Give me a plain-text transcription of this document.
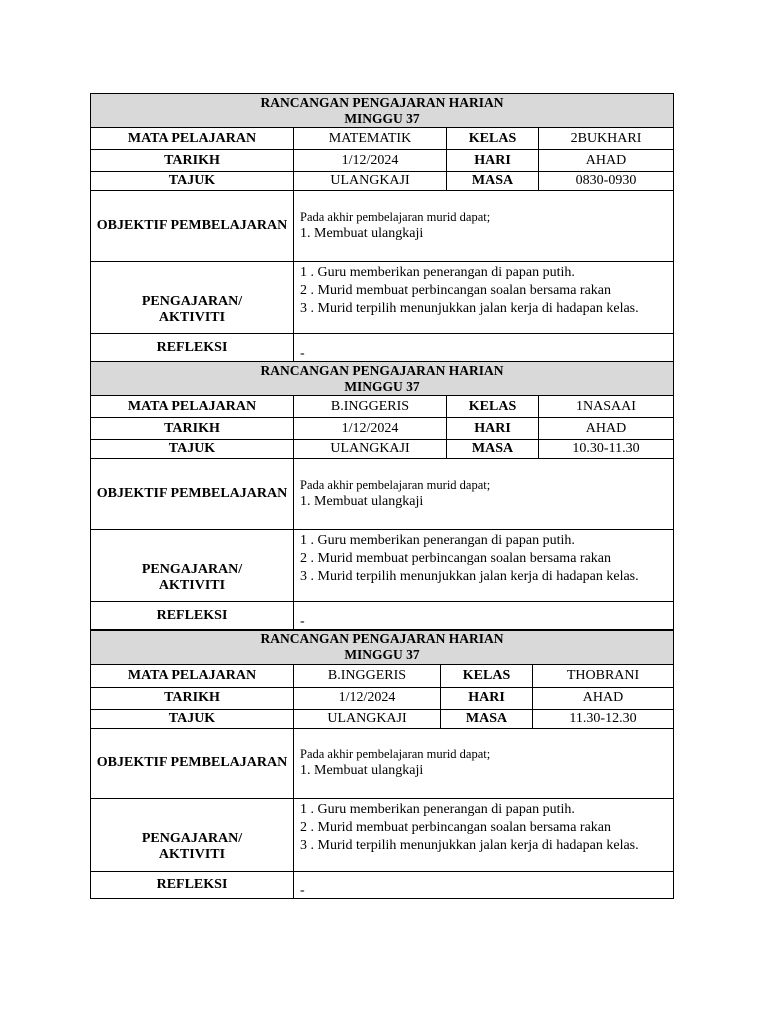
RANCANGAN PENGAJARAN HARIAN
MINGGU 37			

MATA PELAJARAN	MATEMATIK	KELAS	2BUKHARI
TARIKH	1/12/2024	HARI	AHAD
TAJUK	ULANGKAJI	MASA	0830-0930
OBJEKTIF PEMBELAJARAN	Pada akhir pembelajaran murid dapat;
1. Membuat ulangkaji		

PENGAJARAN/
AKTIVITI	1 . Guru memberikan penerangan di papan putih.
2 . Murid membuat perbincangan soalan bersama rakan
3 . Murid terpilih menunjukkan jalan kerja di hadapan kelas.		

REFLEKSI	-		
RANCANGAN PENGAJARAN HARIAN
MINGGU 37			

MATA PELAJARAN	B.INGGERIS	KELAS	1NASAAI
TARIKH	1/12/2024	HARI	AHAD
TAJUK	ULANGKAJI	MASA	10.30-11.30
OBJEKTIF PEMBELAJARAN	Pada akhir pembelajaran murid dapat;
1. Membuat ulangkaji		

PENGAJARAN/
AKTIVITI	1 . Guru memberikan penerangan di papan putih.
2 . Murid membuat perbincangan soalan bersama rakan
3 . Murid terpilih menunjukkan jalan kerja di hadapan kelas.		

REFLEKSI	-		
RANCANGAN PENGAJARAN HARIAN
MINGGU 37			

MATA PELAJARAN	B.INGGERIS	KELAS	THOBRANI
TARIKH	1/12/2024	HARI	AHAD
TAJUK	ULANGKAJI	MASA	11.30-12.30
OBJEKTIF PEMBELAJARAN	Pada akhir pembelajaran murid dapat;
1. Membuat ulangkaji		

PENGAJARAN/
AKTIVITI	1 . Guru memberikan penerangan di papan putih.
2 . Murid membuat perbincangan soalan bersama rakan
3 . Murid terpilih menunjukkan jalan kerja di hadapan kelas.		

REFLEKSI	-		
